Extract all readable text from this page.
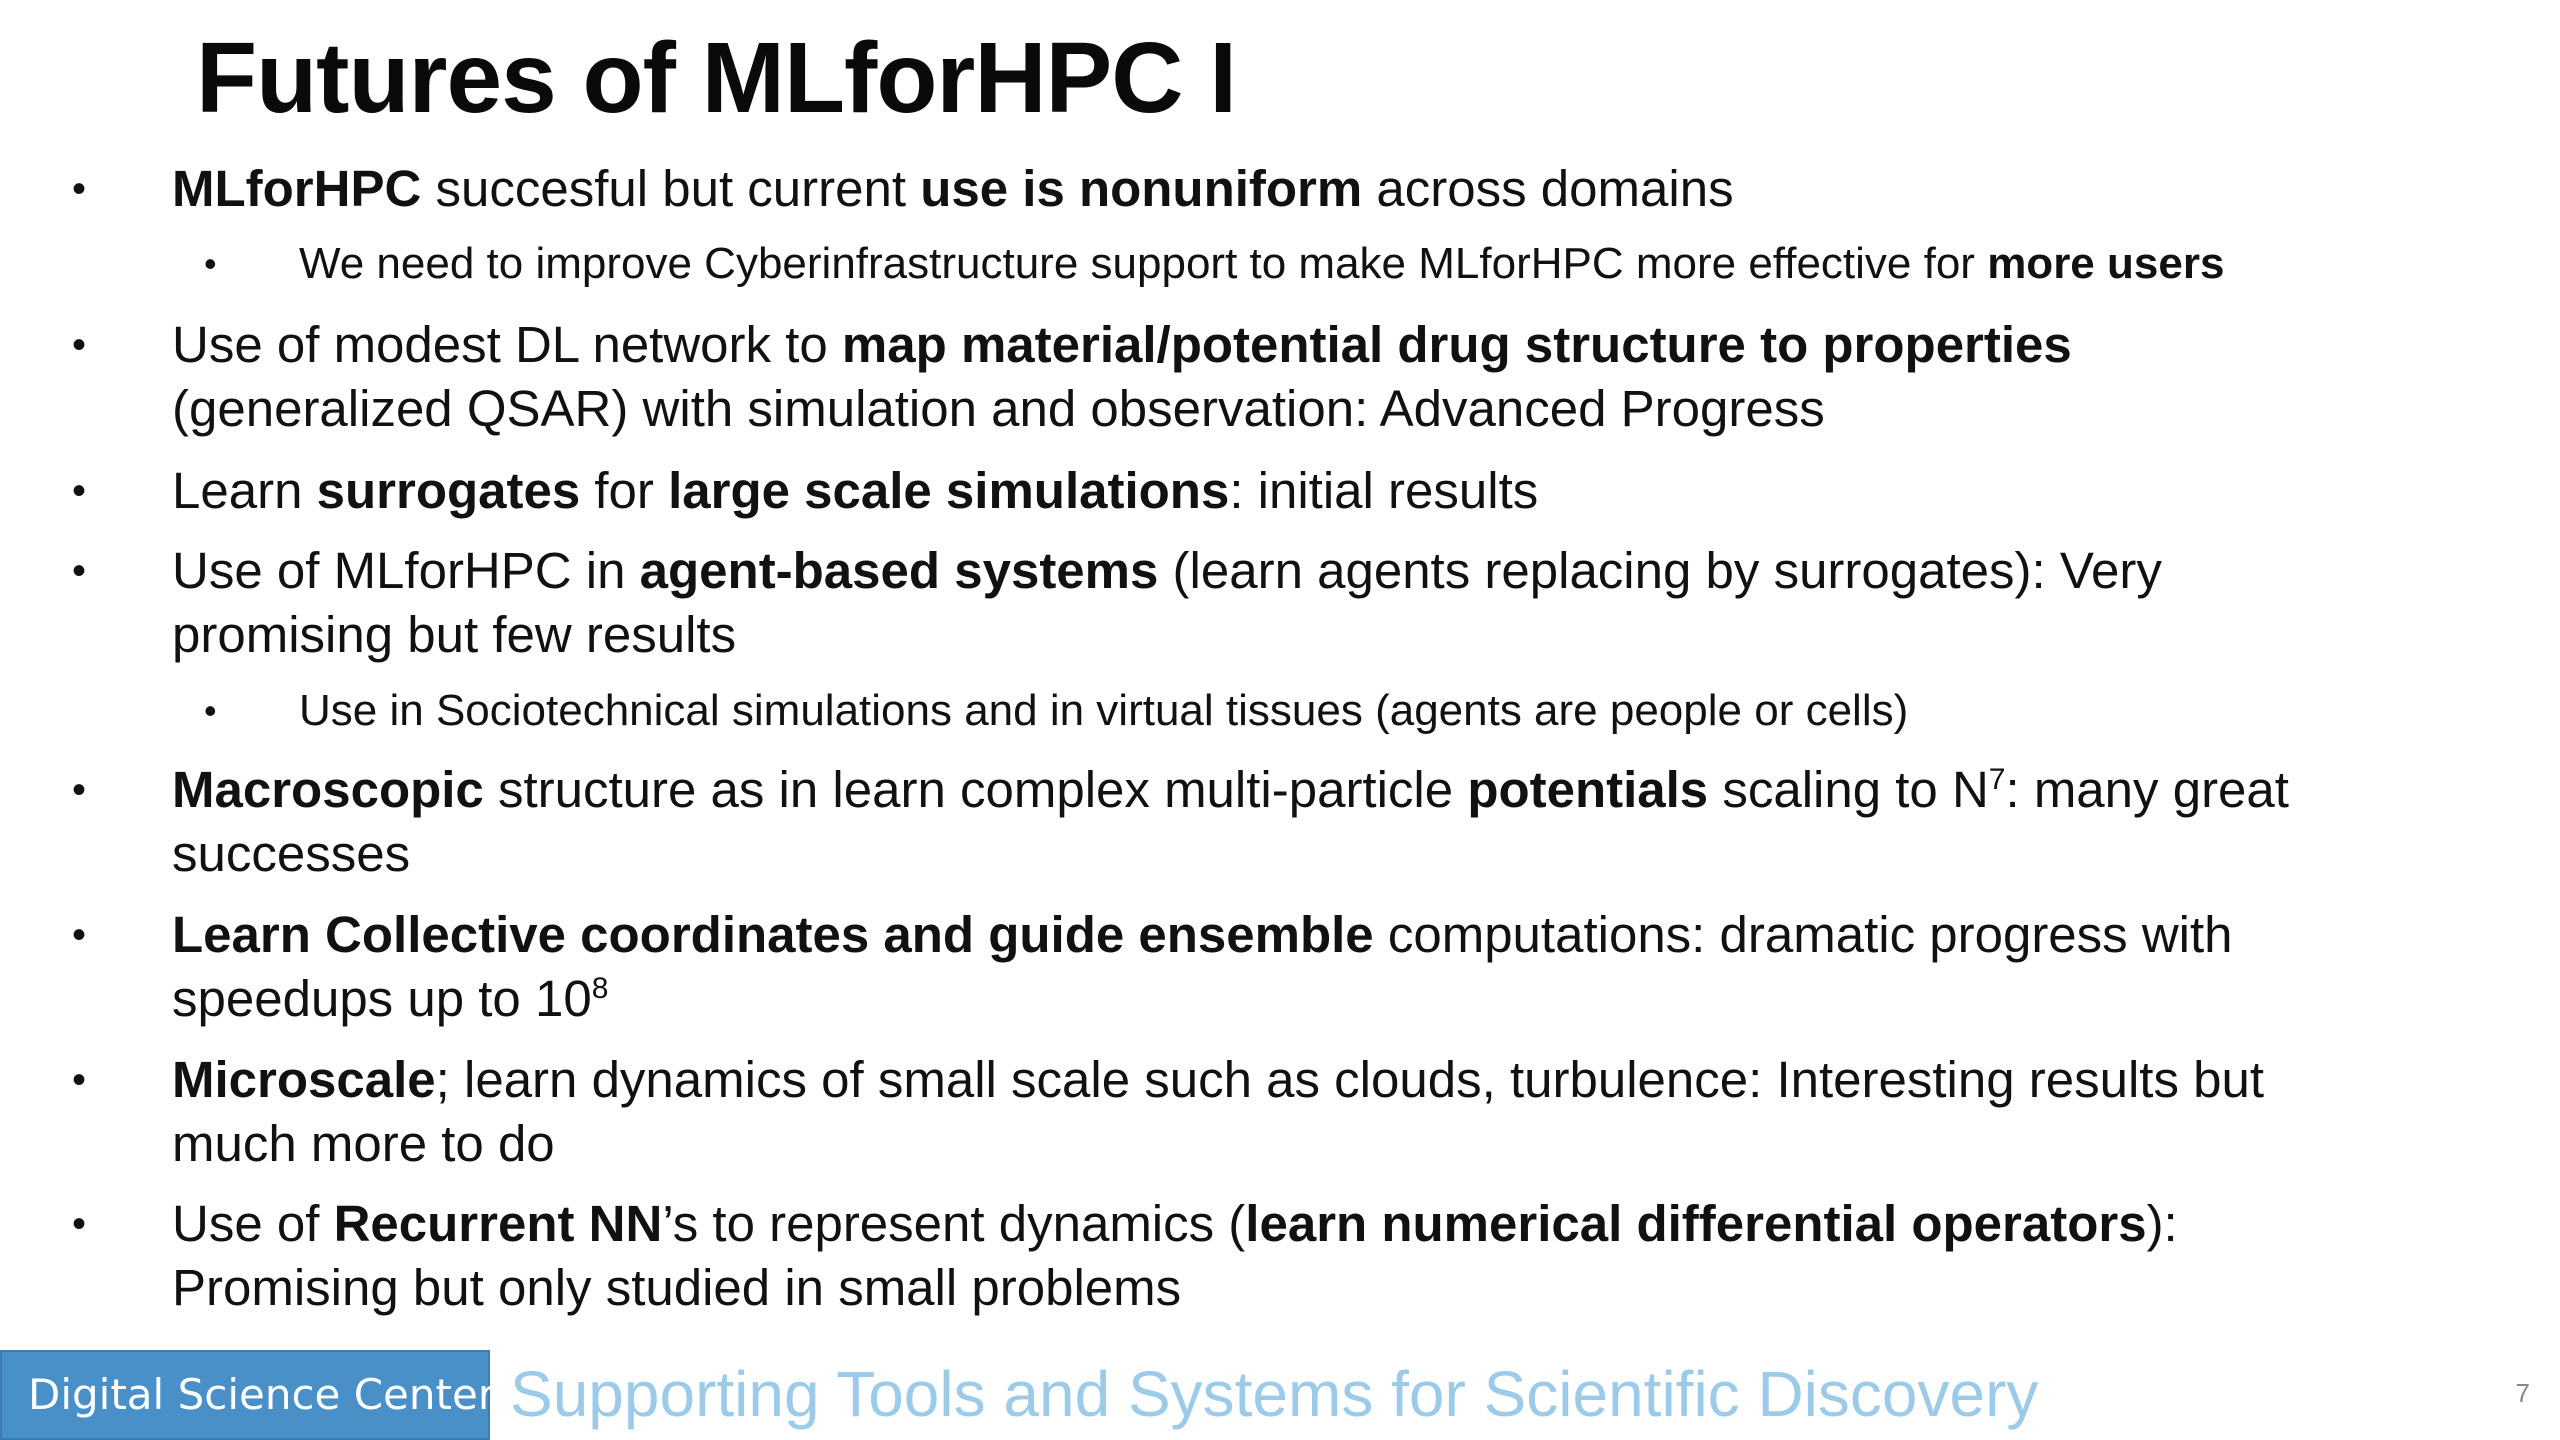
Futures of MLforHPC I
• MLforHPC succesful but current use is nonuniform across domains
• We need to improve Cyberinfrastructure support to make MLforHPC more effective for more users
• Use of modest DL network to map material/potential drug structure to properties
(generalized QSAR) with simulation and observation: Advanced Progress
• Learn surrogates for large scale simulations: initial results
• Use of MLforHPC in agent-based systems (learn agents replacing by surrogates): Very
promising but few results
• Use in Sociotechnical simulations and in virtual tissues (agents are people or cells)
• Macroscopic structure as in learn complex multi-particle potentials scaling to $N^7$: many great
successes
• Learn Collective coordinates and guide ensemble computations: dramatic progress with
speedups up to $10^8$
• Microscale; learn dynamics of small scale such as clouds, turbulence: Interesting results but
much more to do
• Use of Recurrent NN’s to represent dynamics (learn numerical differential operators):
Promising but only studied in small problems
Digital Science Center Supporting Tools and Systems for Scientific Discovery	7
